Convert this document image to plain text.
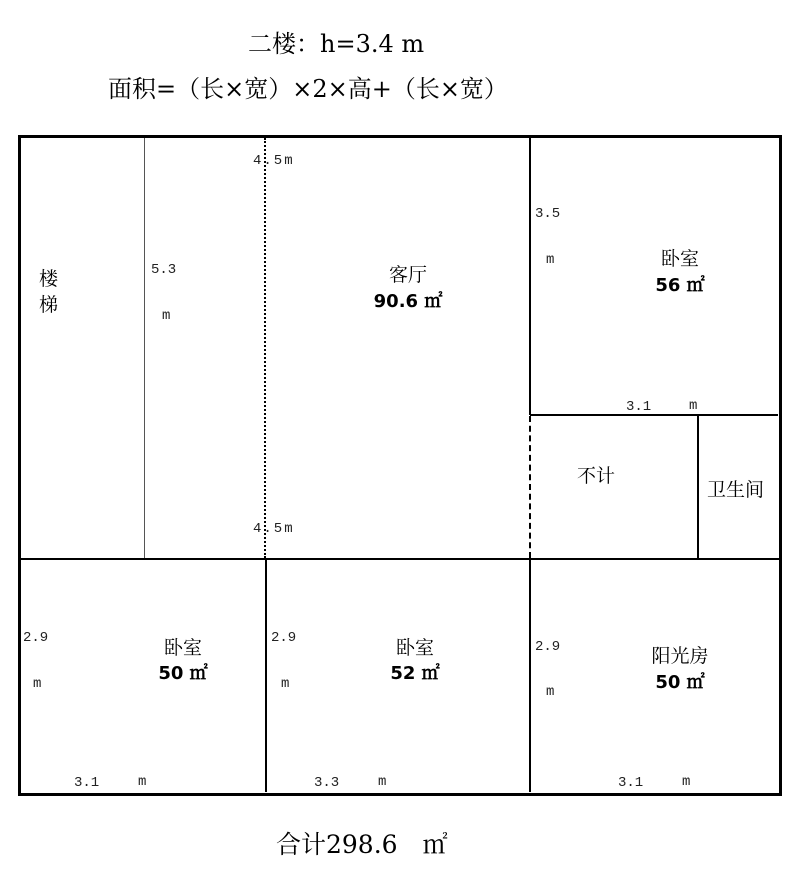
二楼：h=3.4 m
面积=（长×宽）×2×高+（长×宽）
楼
梯
5.3
m
4.5m
4.5m
客厅
90.6 ㎡
3.5
m	卧室
56 ㎡
3.1	m
不计
卫生间
2.9
m
卧室
50 ㎡
3.1	m
2.9
m
卧室
52 ㎡
3.3	m
2.9
m
阳光房
50 ㎡
3.1	m
合计298.6　㎡
